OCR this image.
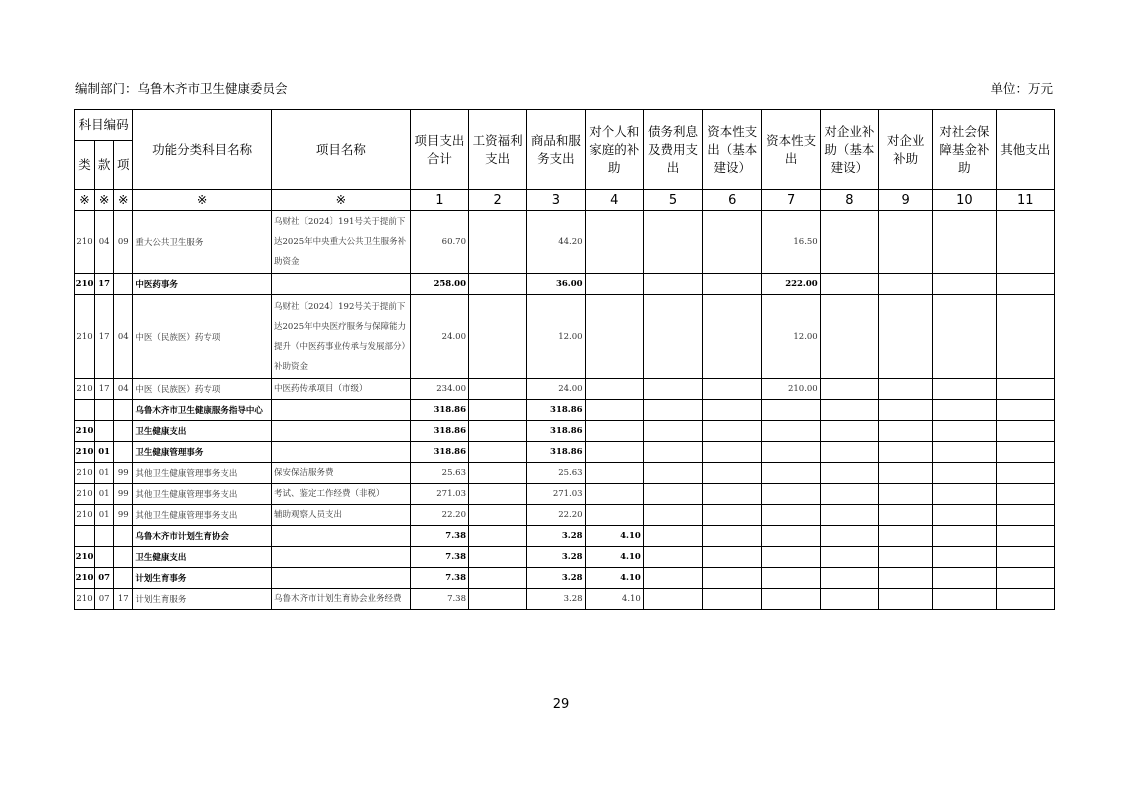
编制部门：乌鲁木齐市卫生健康委员会	单位：万元
科目编码			功能分类科目名称	项目名称	项目支出合计	工资福利支出	商品和服务支出	对个人和家庭的补助	债务利息及费用支出	资本性支出（基本建设）	资本性支出	对企业补助（基本建设）	对企业补助	对社会保障基金补助	其他支出
类	款	项													
※	※	※	※	※	1	2	3	4	5	6	7	8	9	10	11
210	04	09	重大公共卫生服务	乌财社〔2024〕191号关于提前下达2025年中央重大公共卫生服务补助资金	60.70		44.20				16.50				
210	17		中医药事务		258.00		36.00				222.00				
210	17	04	中医（民族医）药专项	乌财社〔2024〕192号关于提前下达2025年中央医疗服务与保障能力提升（中医药事业传承与发展部分）补助资金	24.00		12.00				12.00				
210	17	04	中医（民族医）药专项	中医药传承项目（市级）	234.00		24.00				210.00				
			乌鲁木齐市卫生健康服务指导中心		318.86		318.86								
210			卫生健康支出		318.86		318.86								
210	01		卫生健康管理事务		318.86		318.86								
210	01	99	其他卫生健康管理事务支出	保安保洁服务费	25.63		25.63								
210	01	99	其他卫生健康管理事务支出	考试、鉴定工作经费（非税）	271.03		271.03								
210	01	99	其他卫生健康管理事务支出	辅助观察人员支出	22.20		22.20								
			乌鲁木齐市计划生育协会		7.38		3.28	4.10							
210			卫生健康支出		7.38		3.28	4.10							
210	07		计划生育事务		7.38		3.28	4.10							
210	07	17	计划生育服务	乌鲁木齐市计划生育协会业务经费	7.38		3.28	4.10							
29
